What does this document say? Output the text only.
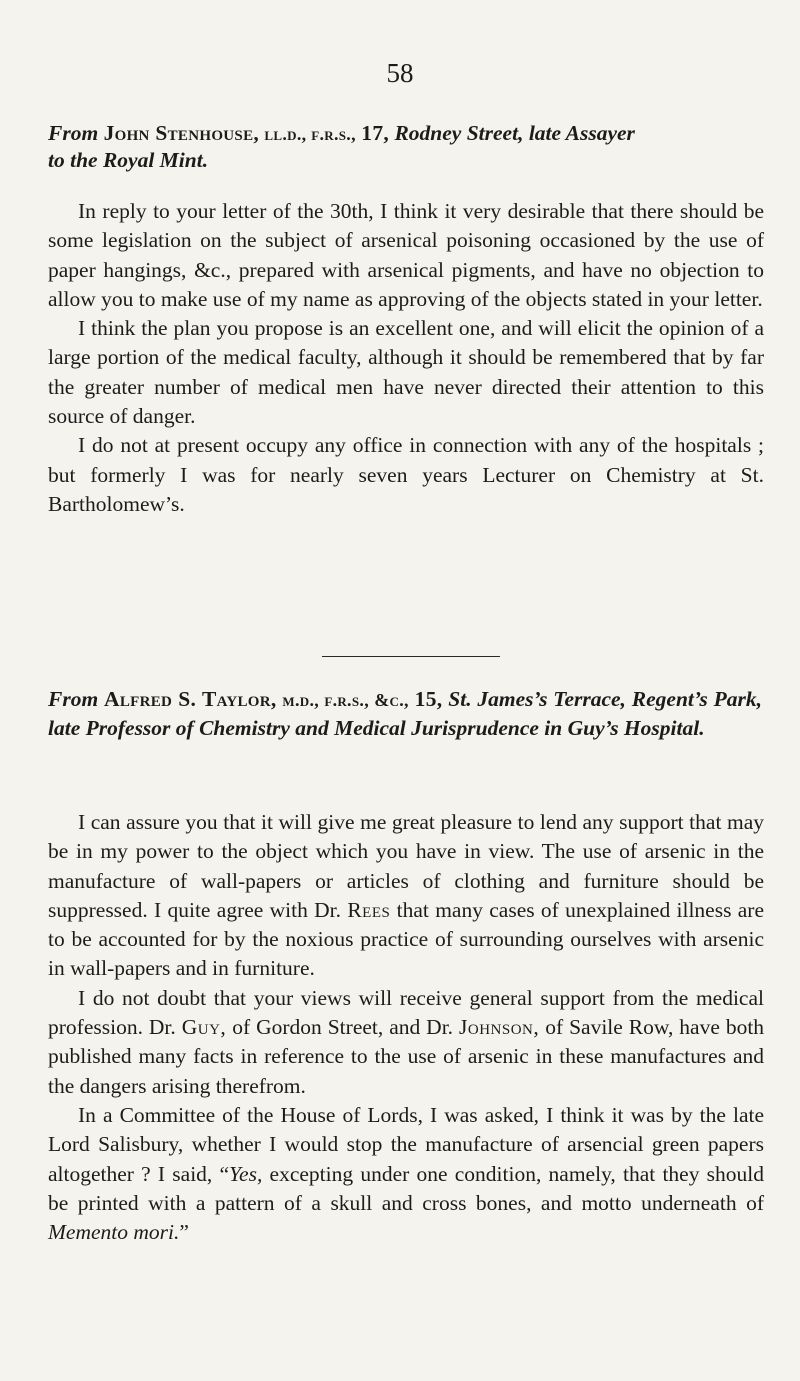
58
From John Stenhouse, ll.d., f.r.s., 17, Rodney Street, late Assayer
to the Royal Mint.

In reply to your letter of the 30th, I think it very desirable that there should be some legislation on the subject of arsenical poisoning occasioned by the use of paper hangings, &c., prepared with arsenical pigments, and have no objection to allow you to make use of my name as approving of the objects stated in your letter.

I think the plan you propose is an excellent one, and will elicit the opinion of a large portion of the medical faculty, although it should be remembered that by far the greater number of medical men have never directed their attention to this source of danger.

I do not at present occupy any office in connection with any of the hospitals ; but formerly I was for nearly seven years Lecturer on Chemistry at St. Bartholomew’s.

From Alfred S. Taylor, m.d., f.r.s., &c., 15, St. James’s Terrace, Regent’s Park, late Professor of Chemistry and Medical Jurisprudence in Guy’s Hospital.

I can assure you that it will give me great pleasure to lend any support that may be in my power to the object which you have in view. The use of arsenic in the manufacture of wall-papers or articles of clothing and furniture should be suppressed. I quite agree with Dr. Rees that many cases of unexplained illness are to be accounted for by the noxious practice of surrounding ourselves with arsenic in wall-papers and in furniture.

I do not doubt that your views will receive general support from the medical profession. Dr. Guy, of Gordon Street, and Dr. Johnson, of Savile Row, have both published many facts in reference to the use of arsenic in these manufactures and the dangers arising therefrom.

In a Committee of the House of Lords, I was asked, I think it was by the late Lord Salisbury, whether I would stop the manufacture of arsencial green papers altogether ? I said, “Yes, excepting under one condition, namely, that they should be printed with a pattern of a skull and cross bones, and motto underneath of Memento mori.”
